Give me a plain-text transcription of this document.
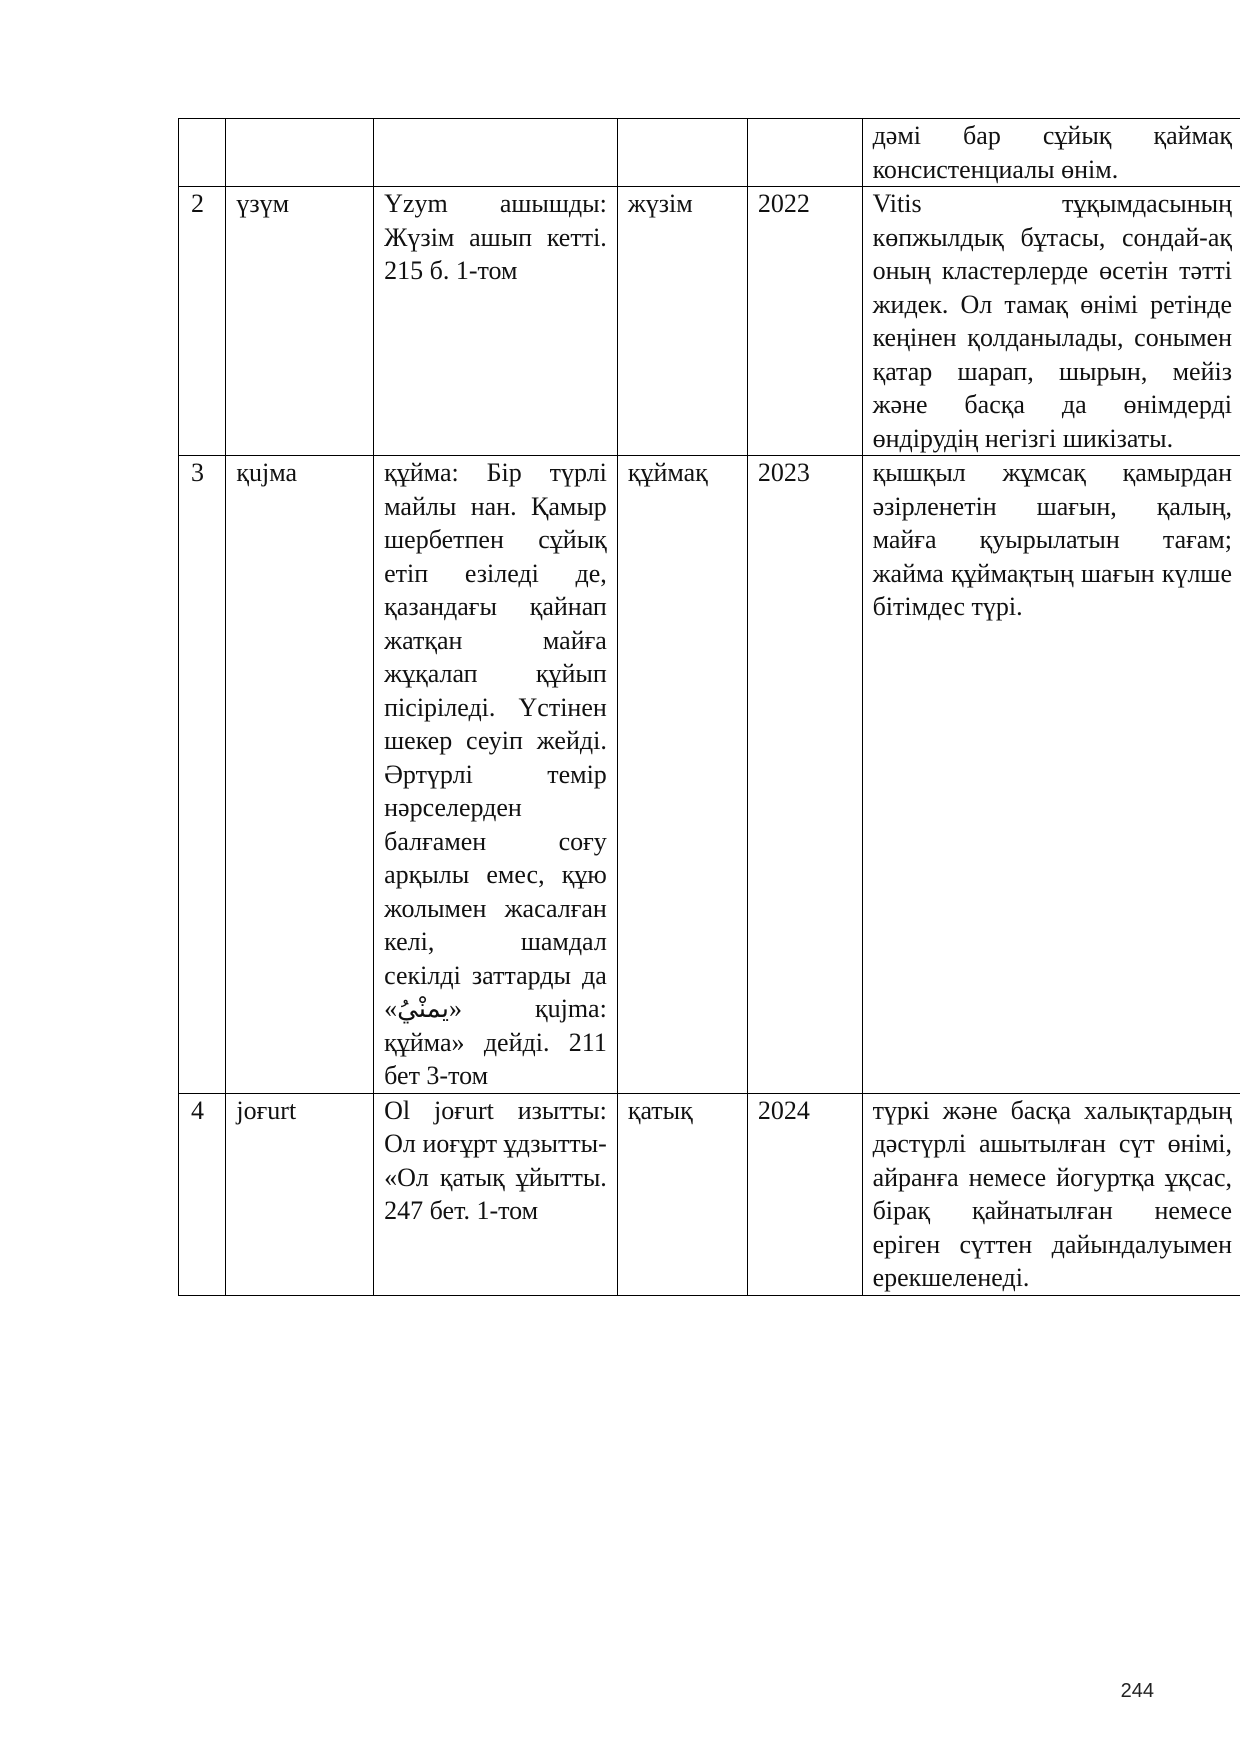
					дәмі бар сұйық қаймақ консистенциалы өнім.
2	үзүм	Үzym ашышды: Жүзім ашып кетті. 215 б. 1-том	жүзім	2022	Vitis тұқымдасының көпжылдық бұтасы, сондай-ақ оның кластерлерде өсетін тәтті жидек. Ол тамақ өнімі ретінде кеңінен қолданылады, сонымен қатар шарап, шырын, мейіз және басқа да өнімдерді өндірудің негізгі шикізаты.
3	қujма	құйма: Бір түрлі майлы нан. Қамыр шербетпен сұйық етіп езіледі де, қазандағы қайнап жатқан майға жұқалап құйып пісіріледі. Үстінен шекер сеуіп жейді. Әртүрлі темір нәрселерден балғамен соғу арқылы емес, құю жолымен жасалған келі, шамдал секілді заттарды да «يمنْيُ» қujma: құйма» дейді. 211 бет 3-том	құймақ	2023	қышқыл жұмсақ қамырдан әзірленетін шағын, қалың, майға қуырылатын тағам; жайма құймақтың шағын күлше бітімдес түрі.
4	joғurt	Ol joғurt изытты: Ол иоғұрт ұдзытты- «Ол қатық ұйытты. 247 бет. 1-том	қатық	2024	түркі және басқа халықтардың дәстүрлі ашытылған сүт өнімі, айранға немесе йогуртқа ұқсас, бірақ қайнатылған немесе еріген сүттен дайындалуымен ерекшеленеді.
244
